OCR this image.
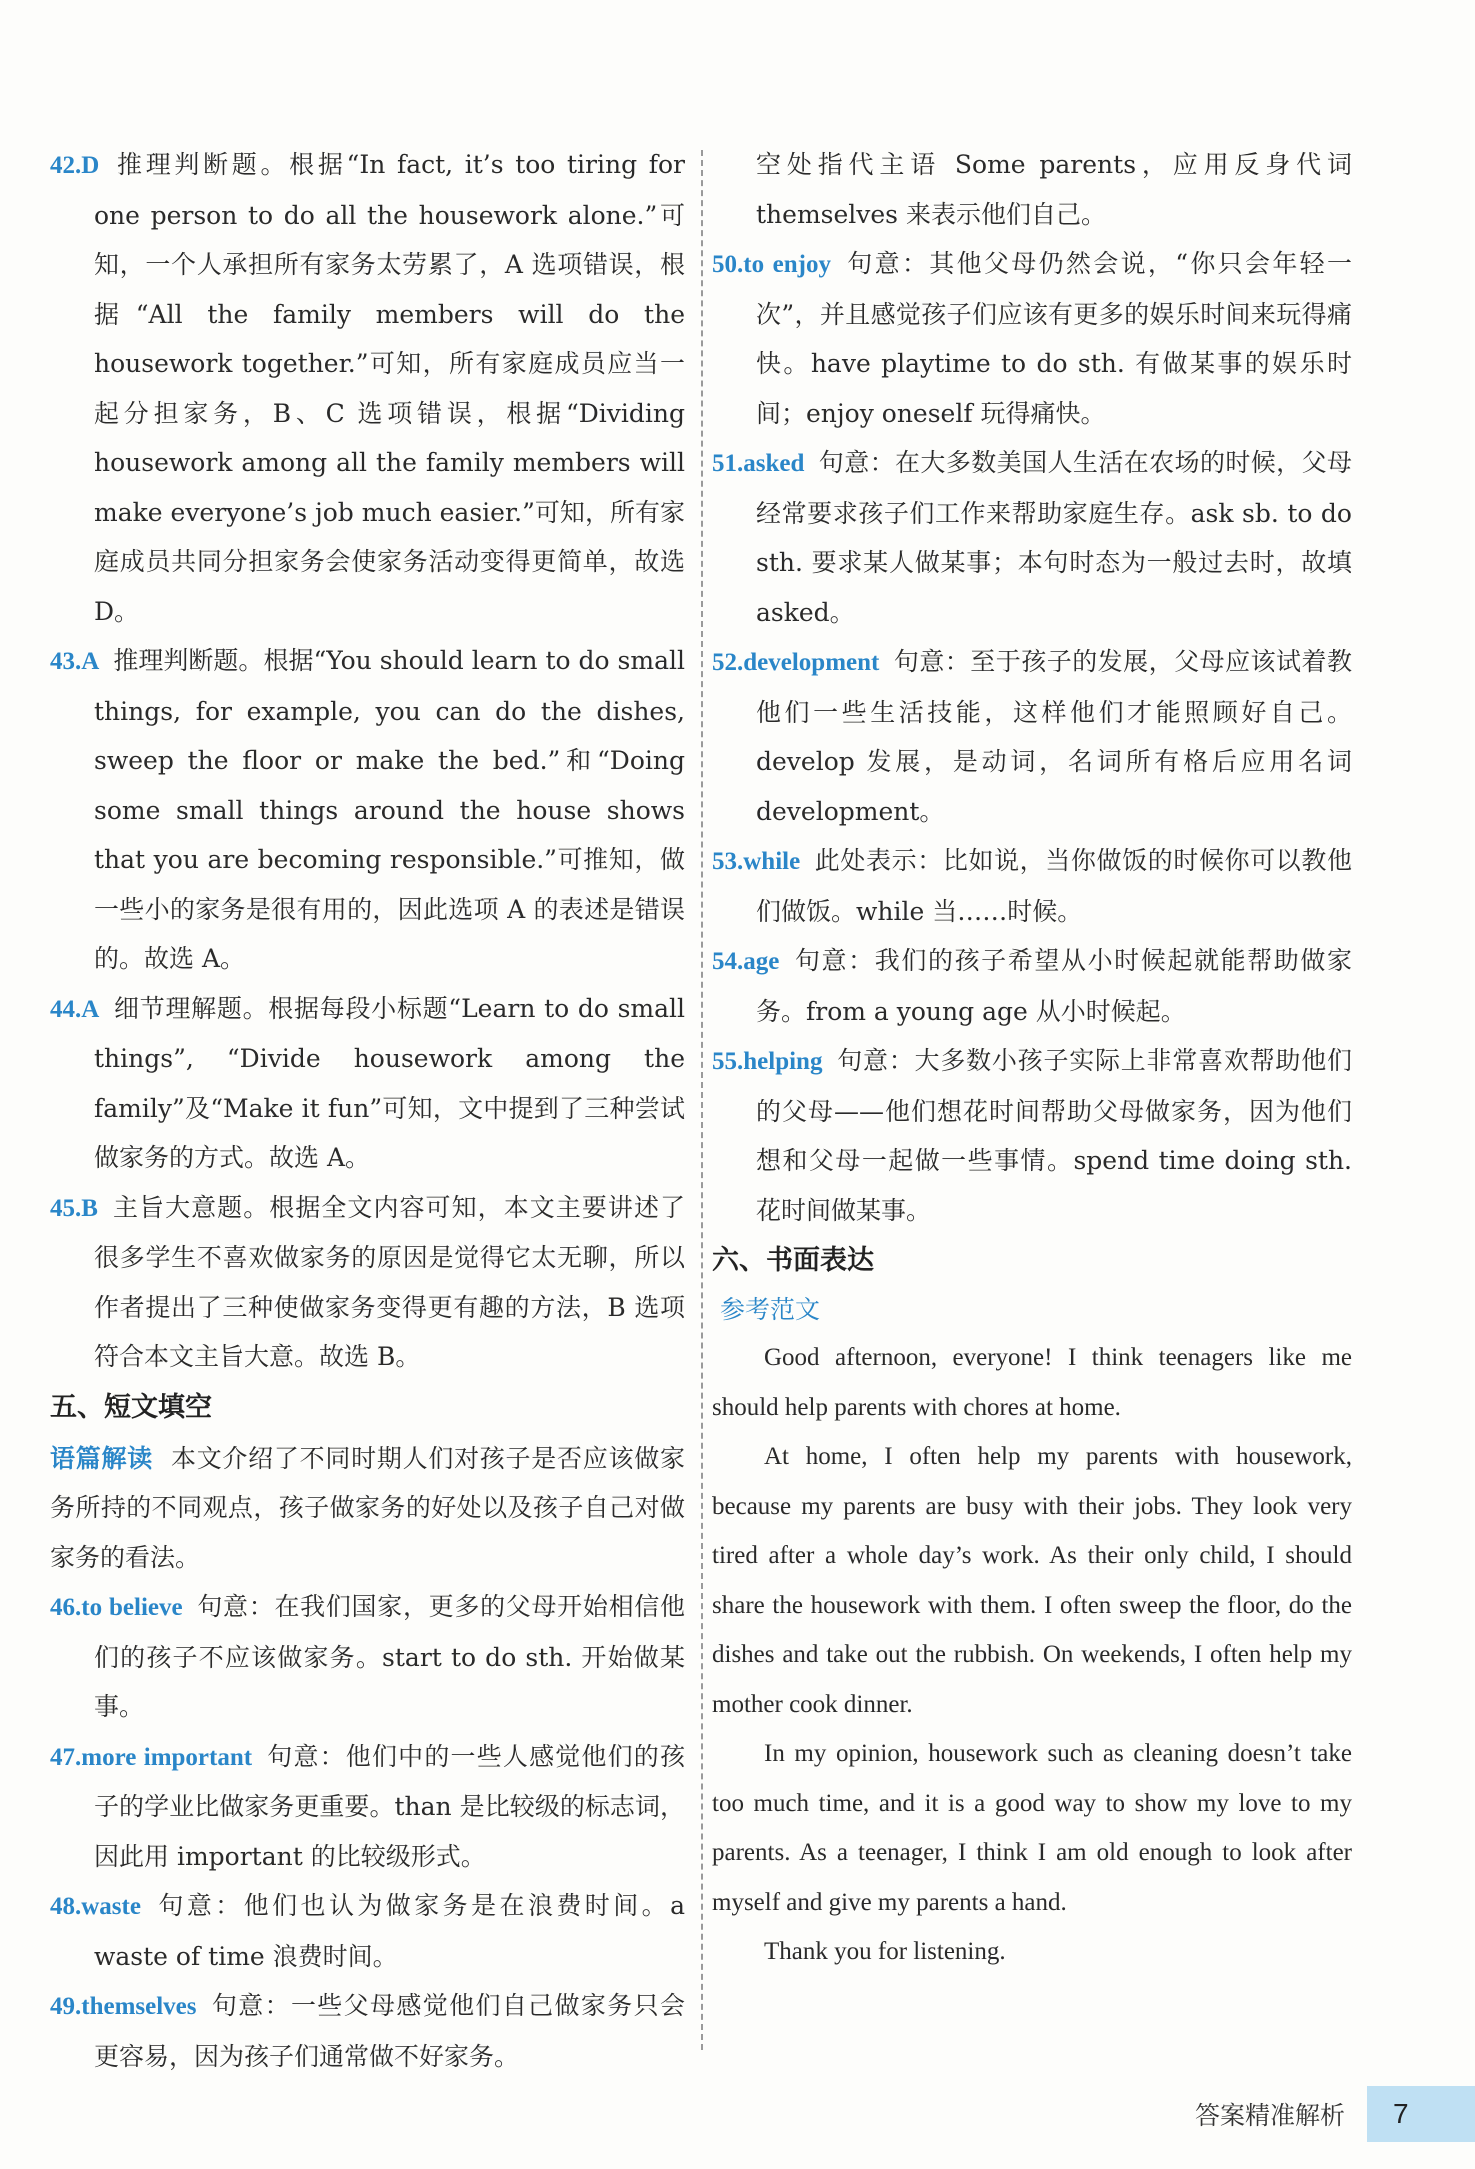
42.D 推理判断题。根据“In fact, it’s too tiring for one person to do all the housework alone.”可知，一个人承担所有家务太劳累了，A 选项错误，根据“All the family members will do the housework together.”可知，所有家庭成员应当一起分担家务，B、C 选项错误，根据“Dividing housework among all the family members will make everyone’s job much easier.”可知，所有家庭成员共同分担家务会使家务活动变得更简单，故选 D。

43.A 推理判断题。根据“You should learn to do small things, for example, you can do the dishes, sweep the floor or make the bed.”和“Doing some small things around the house shows that you are becoming responsible.”可推知，做一些小的家务是很有用的，因此选项 A 的表述是错误的。故选 A。

44.A 细节理解题。根据每段小标题“Learn to do small things”, “Divide housework among the family”及“Make it fun”可知，文中提到了三种尝试做家务的方式。故选 A。

45.B 主旨大意题。根据全文内容可知，本文主要讲述了很多学生不喜欢做家务的原因是觉得它太无聊，所以作者提出了三种使做家务变得更有趣的方法，B 选项符合本文主旨大意。故选 B。

五、短文填空

语篇解读 本文介绍了不同时期人们对孩子是否应该做家务所持的不同观点，孩子做家务的好处以及孩子自己对做家务的看法。

46.to believe 句意：在我们国家，更多的父母开始相信他们的孩子不应该做家务。start to do sth. 开始做某事。

47.more important 句意：他们中的一些人感觉他们的孩子的学业比做家务更重要。than 是比较级的标志词，因此用 important 的比较级形式。

48.waste 句意：他们也认为做家务是在浪费时间。a waste of time 浪费时间。

49.themselves 句意：一些父母感觉他们自己做家务只会更容易，因为孩子们通常做不好家务。

空处指代主语 Some parents，应用反身代词 themselves 来表示他们自己。

50.to enjoy 句意：其他父母仍然会说，“你只会年轻一次”，并且感觉孩子们应该有更多的娱乐时间来玩得痛快。have playtime to do sth. 有做某事的娱乐时间；enjoy oneself 玩得痛快。

51.asked 句意：在大多数美国人生活在农场的时候，父母经常要求孩子们工作来帮助家庭生存。ask sb. to do sth. 要求某人做某事；本句时态为一般过去时，故填 asked。

52.development 句意：至于孩子的发展，父母应该试着教他们一些生活技能，这样他们才能照顾好自己。develop 发展，是动词，名词所有格后应用名词 development。

53.while 此处表示：比如说，当你做饭的时候你可以教他们做饭。while 当……时候。

54.age 句意：我们的孩子希望从小时候起就能帮助做家务。from a young age 从小时候起。

55.helping 句意：大多数小孩子实际上非常喜欢帮助他们的父母——他们想花时间帮助父母做家务，因为他们想和父母一起做一些事情。spend time doing sth. 花时间做某事。

六、书面表达

参考范文

Good afternoon, everyone! I think teenagers like me should help parents with chores at home.

At home, I often help my parents with housework, because my parents are busy with their jobs. They look very tired after a whole day’s work. As their only child, I should share the housework with them. I often sweep the floor, do the dishes and take out the rubbish. On weekends, I often help my mother cook dinner.

In my opinion, housework such as cleaning doesn’t take too much time, and it is a good way to show my love to my parents. As a teenager, I think I am old enough to look after myself and give my parents a hand.

Thank you for listening.

答案精准解析	7
